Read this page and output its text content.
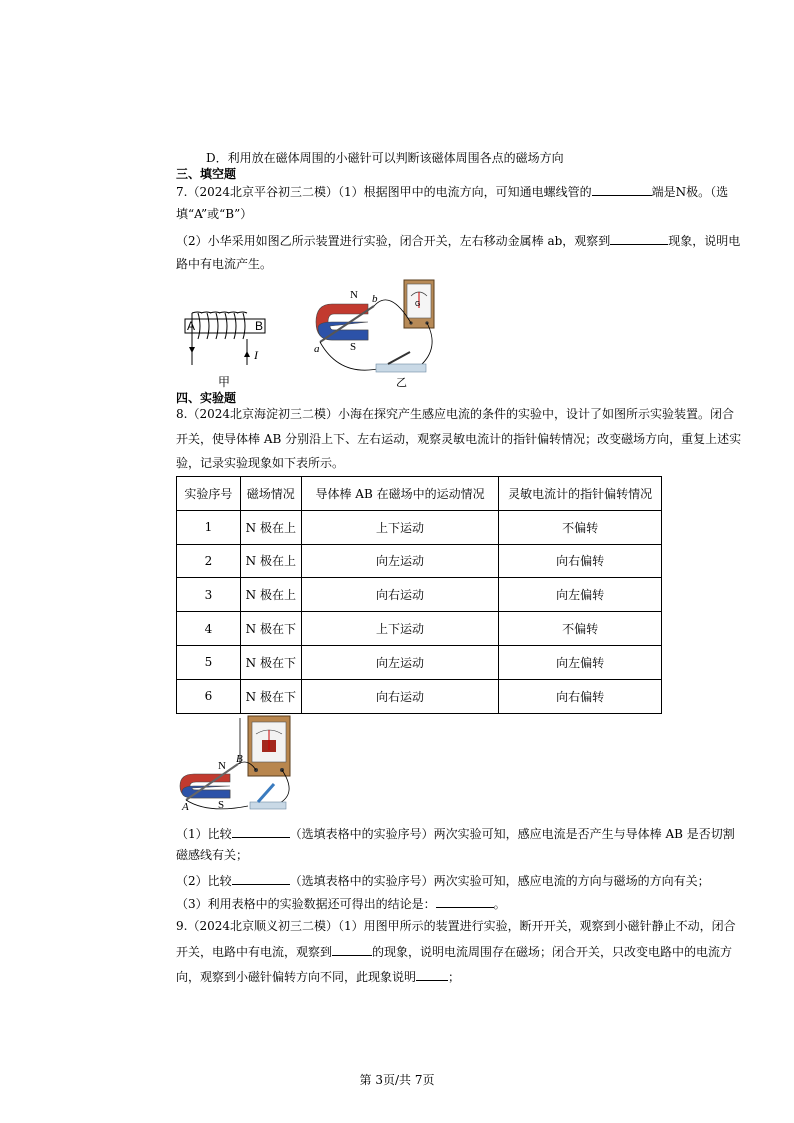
D．利用放在磁体周围的小磁针可以判断该磁体周围各点的磁场方向
三、填空题
7.（2024北京平谷初三二模）（1）根据图甲中的电流方向，可知通电螺线管的	端是N极。（选
填“A”或“B”）
（2）小华采用如图乙所示装置进行实验，闭合开关，左右移动金属棒 ab，观察到	现象，说明电
路中有电流产生。
A	B
I
甲
N
S
a
b	G
乙
四、实验题
8.（2024北京海淀初三二模）小海在探究产生感应电流的条件的实验中，设计了如图所示实验装置。闭合
开关，使导体棒 AB 分别沿上下、左右运动，观察灵敏电流计的指针偏转情况；改变磁场方向，重复上述实
验，记录实验现象如下表所示。
实验序号	磁场情况	导体棒 AB 在磁场中的运动情况	灵敏电流计的指针偏转情况
1	N 极在上	上下运动	不偏转
2	N 极在上	向左运动	向右偏转
3	N 极在上	向右运动	向左偏转
4	N 极在下	上下运动	不偏转
5	N 极在下	向左运动	向左偏转
6	N 极在下	向右运动	向右偏转
N
S
A
B
（1）比较	（选填表格中的实验序号）两次实验可知，感应电流是否产生与导体棒 AB 是否切割
磁感线有关；
（2）比较	（选填表格中的实验序号）两次实验可知，感应电流的方向与磁场的方向有关；
（3）利用表格中的实验数据还可得出的结论是：	。
9.（2024北京顺义初三二模）（1）用图甲所示的装置进行实验，断开开关，观察到小磁针静止不动，闭合
开关，电路中有电流，观察到	的现象，说明电流周围存在磁场；闭合开关，只改变电路中的电流方
向，观察到小磁针偏转方向不同，此现象说明	；
第 3页/共 7页
